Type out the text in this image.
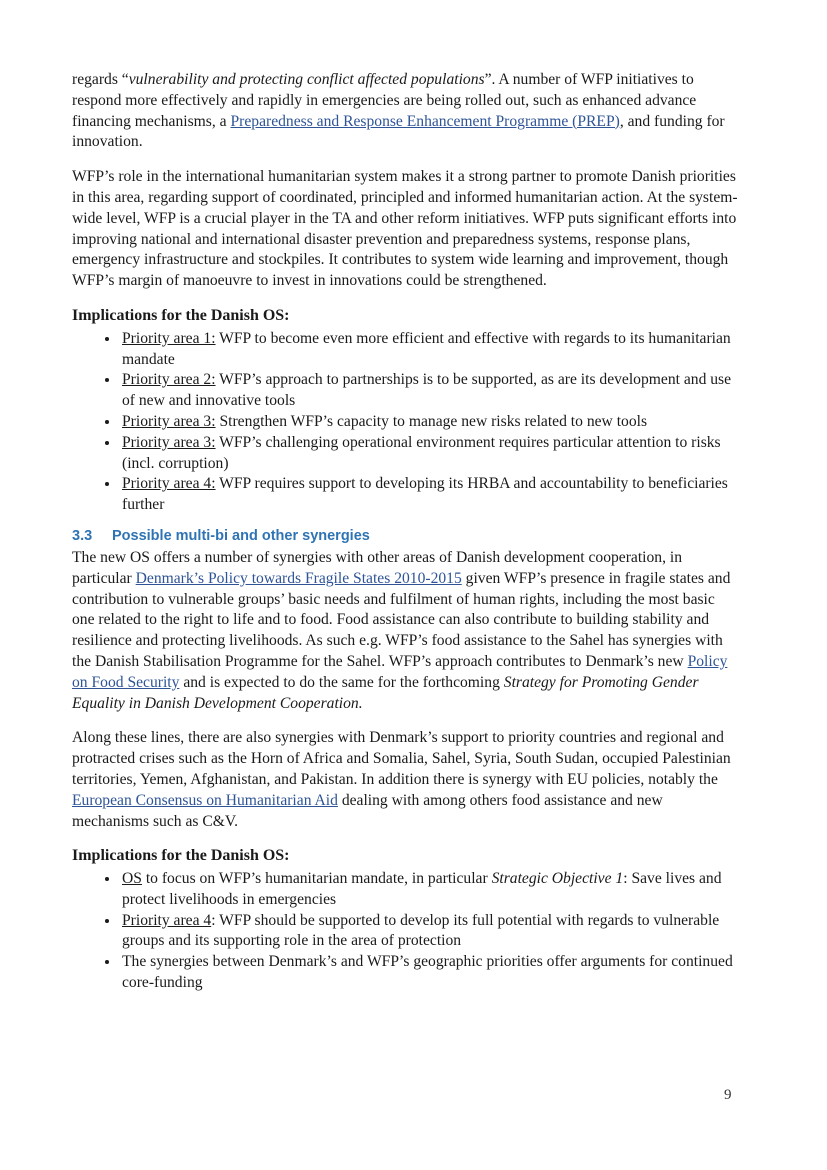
regards “vulnerability and protecting conflict affected populations”. A number of WFP initiatives to respond more effectively and rapidly in emergencies are being rolled out, such as enhanced advance financing mechanisms, a Preparedness and Response Enhancement Programme (PREP), and funding for innovation.

WFP’s role in the international humanitarian system makes it a strong partner to promote Danish priorities in this area, regarding support of coordinated, principled and informed humanitarian action. At the system-wide level, WFP is a crucial player in the TA and other reform initiatives. WFP puts significant efforts into improving national and international disaster prevention and preparedness systems, response plans, emergency infrastructure and stockpiles. It contributes to system wide learning and improvement, though WFP’s margin of manoeuvre to invest in innovations could be strengthened.

Implications for the Danish OS:
• Priority area 1: WFP to become even more efficient and effective with regards to its humanitarian mandate
• Priority area 2: WFP’s approach to partnerships is to be supported, as are its development and use of new and innovative tools
• Priority area 3: Strengthen WFP’s capacity to manage new risks related to new tools
• Priority area 3: WFP’s challenging operational environment requires particular attention to risks (incl. corruption)
• Priority area 4: WFP requires support to developing its HRBA and accountability to beneficiaries further
3.3 Possible multi-bi and other synergies

The new OS offers a number of synergies with other areas of Danish development cooperation, in particular Denmark’s Policy towards Fragile States 2010-2015 given WFP’s presence in fragile states and contribution to vulnerable groups’ basic needs and fulfilment of human rights, including the most basic one related to the right to life and to food. Food assistance can also contribute to building stability and resilience and protecting livelihoods. As such e.g. WFP’s food assistance to the Sahel has synergies with the Danish Stabilisation Programme for the Sahel. WFP’s approach contributes to Denmark’s new Policy on Food Security and is expected to do the same for the forthcoming Strategy for Promoting Gender Equality in Danish Development Cooperation.

Along these lines, there are also synergies with Denmark’s support to priority countries and regional and protracted crises such as the Horn of Africa and Somalia, Sahel, Syria, South Sudan, occupied Palestinian territories, Yemen, Afghanistan, and Pakistan. In addition there is synergy with EU policies, notably the European Consensus on Humanitarian Aid dealing with among others food assistance and new mechanisms such as C&V.

Implications for the Danish OS:
• OS to focus on WFP’s humanitarian mandate, in particular Strategic Objective 1: Save lives and protect livelihoods in emergencies
• Priority area 4: WFP should be supported to develop its full potential with regards to vulnerable groups and its supporting role in the area of protection
• The synergies between Denmark’s and WFP’s geographic priorities offer arguments for continued core-funding
9
